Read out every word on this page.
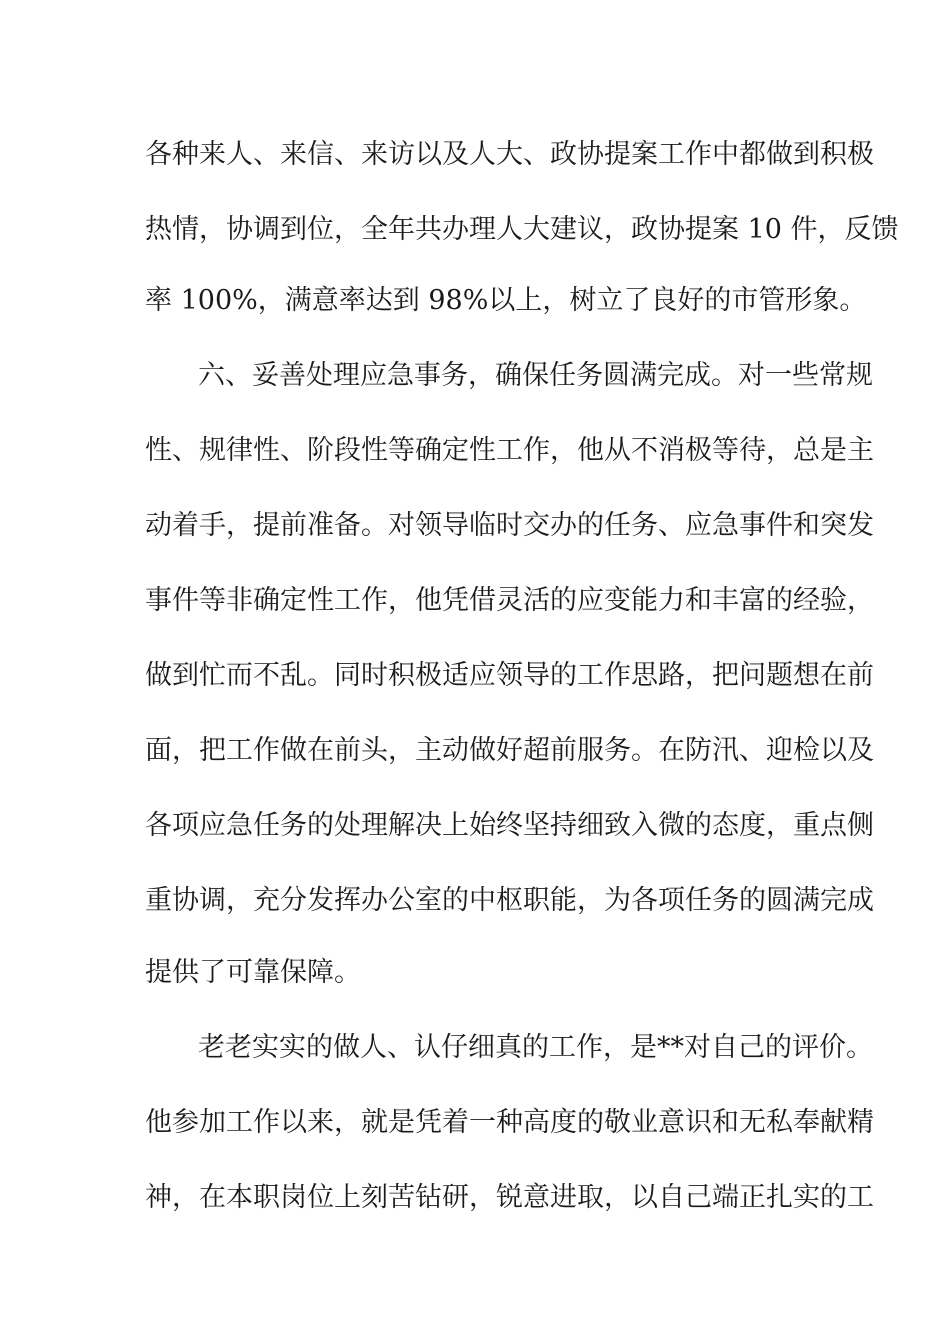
各种来人、来信、来访以及人大、政协提案工作中都做到积极
热情，协调到位，全年共办理人大建议，政协提案 10 件，反馈
率 100%，满意率达到 98%以上，树立了良好的市管形象。
六、妥善处理应急事务，确保任务圆满完成。对一些常规
性、规律性、阶段性等确定性工作，他从不消极等待，总是主
动着手，提前准备。对领导临时交办的任务、应急事件和突发
事件等非确定性工作，他凭借灵活的应变能力和丰富的经验，
做到忙而不乱。同时积极适应领导的工作思路，把问题想在前
面，把工作做在前头，主动做好超前服务。在防汛、迎检以及
各项应急任务的处理解决上始终坚持细致入微的态度，重点侧
重协调，充分发挥办公室的中枢职能，为各项任务的圆满完成
提供了可靠保障。
老老实实的做人、认仔细真的工作，是**对自己的评价。
他参加工作以来，就是凭着一种高度的敬业意识和无私奉献精
神，在本职岗位上刻苦钻研，锐意进取，以自己端正扎实的工
